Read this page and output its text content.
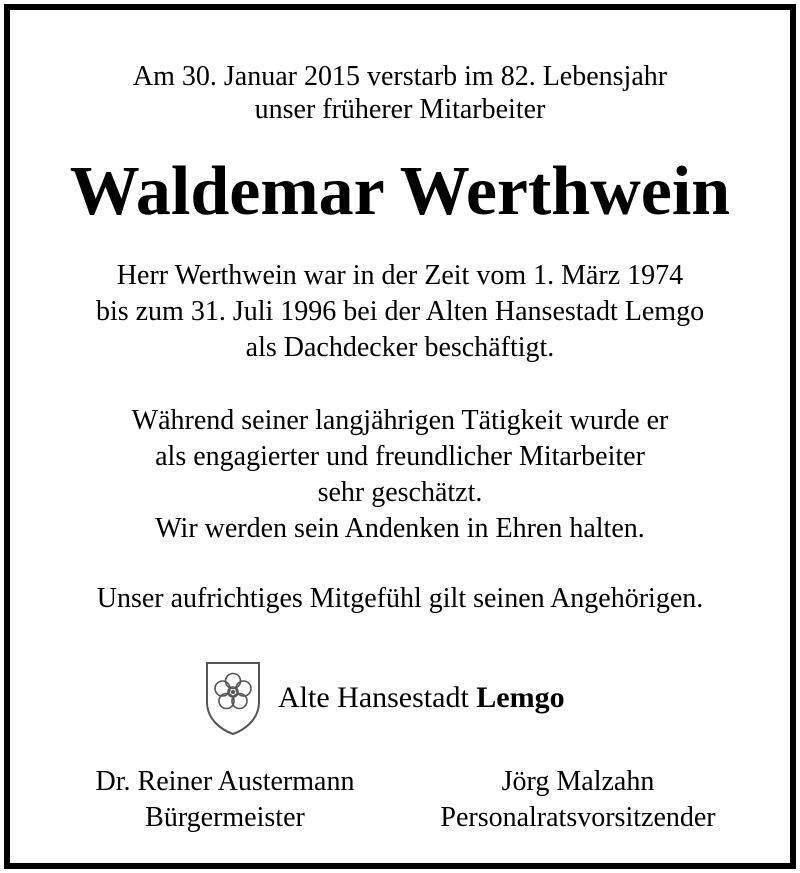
Am 30. Januar 2015 verstarb im 82. Lebensjahr
unser früherer Mitarbeiter
Waldemar Werthwein
Herr Werthwein war in der Zeit vom 1. März 1974
bis zum 31. Juli 1996 bei der Alten Hansestadt Lemgo
als Dachdecker beschäftigt.
Während seiner langjährigen Tätigkeit wurde er
als engagierter und freundlicher Mitarbeiter
sehr geschätzt.
Wir werden sein Andenken in Ehren halten.
Unser aufrichtiges Mitgefühl gilt seinen Angehörigen.
Alte Hansestadt Lemgo
Dr. Reiner Austermann
Bürgermeister
Jörg Malzahn
Personalratsvorsitzender
